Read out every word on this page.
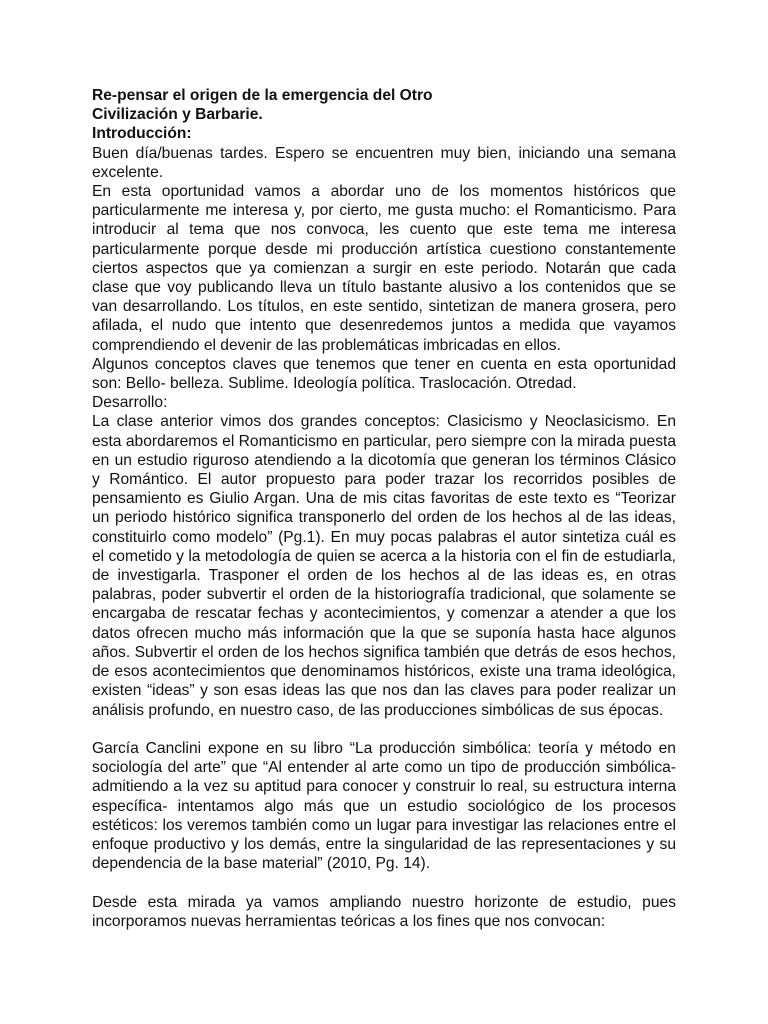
Re-pensar el origen de la emergencia del Otro

Civilización y Barbarie.

Introducción:

Buen día/buenas tardes. Espero se encuentren muy bien, iniciando una semana excelente.

En esta oportunidad vamos a abordar uno de los momentos históricos que particularmente me interesa y, por cierto, me gusta mucho: el Romanticismo. Para introducir al tema que nos convoca, les cuento que este tema me interesa particularmente porque desde mi producción artística cuestiono constantemente ciertos aspectos que ya comienzan a surgir en este periodo. Notarán que cada clase que voy publicando lleva un título bastante alusivo a los contenidos que se van desarrollando. Los títulos, en este sentido, sintetizan de manera grosera, pero afilada, el nudo que intento que desenredemos juntos a medida que vayamos comprendiendo el devenir de las problemáticas imbricadas en ellos.

Algunos conceptos claves que tenemos que tener en cuenta en esta oportunidad son: Bello- belleza. Sublime. Ideología política. Traslocación. Otredad.

Desarrollo:

La clase anterior vimos dos grandes conceptos: Clasicismo y Neoclasicismo. En esta abordaremos el Romanticismo en particular, pero siempre con la mirada puesta en un estudio riguroso atendiendo a la dicotomía que generan los términos Clásico y Romántico. El autor propuesto para poder trazar los recorridos posibles de pensamiento es Giulio Argan. Una de mis citas favoritas de este texto es “Teorizar un periodo histórico significa transponerlo del orden de los hechos al de las ideas, constituirlo como modelo” (Pg.1). En muy pocas palabras el autor sintetiza cuál es el cometido y la metodología de quien se acerca a la historia con el fin de estudiarla, de investigarla. Trasponer el orden de los hechos al de las ideas es, en otras palabras, poder subvertir el orden de la historiografía tradicional, que solamente se encargaba de rescatar fechas y acontecimientos, y comenzar a atender a que los datos ofrecen mucho más información que la que se suponía hasta hace algunos años. Subvertir el orden de los hechos significa también que detrás de esos hechos, de esos acontecimientos que denominamos históricos, existe una trama ideológica, existen “ideas” y son esas ideas las que nos dan las claves para poder realizar un análisis profundo, en nuestro caso, de las producciones simbólicas de sus épocas.

García Canclini expone en su libro “La producción simbólica: teoría y método en sociología del arte” que “Al entender al arte como un tipo de producción simbólica- admitiendo a la vez su aptitud para conocer y construir lo real, su estructura interna específica- intentamos algo más que un estudio sociológico de los procesos estéticos: los veremos también como un lugar para investigar las relaciones entre el enfoque productivo y los demás, entre la singularidad de las representaciones y su dependencia de la base material” (2010, Pg. 14).

Desde esta mirada ya vamos ampliando nuestro horizonte de estudio, pues incorporamos nuevas herramientas teóricas a los fines que nos convocan:
